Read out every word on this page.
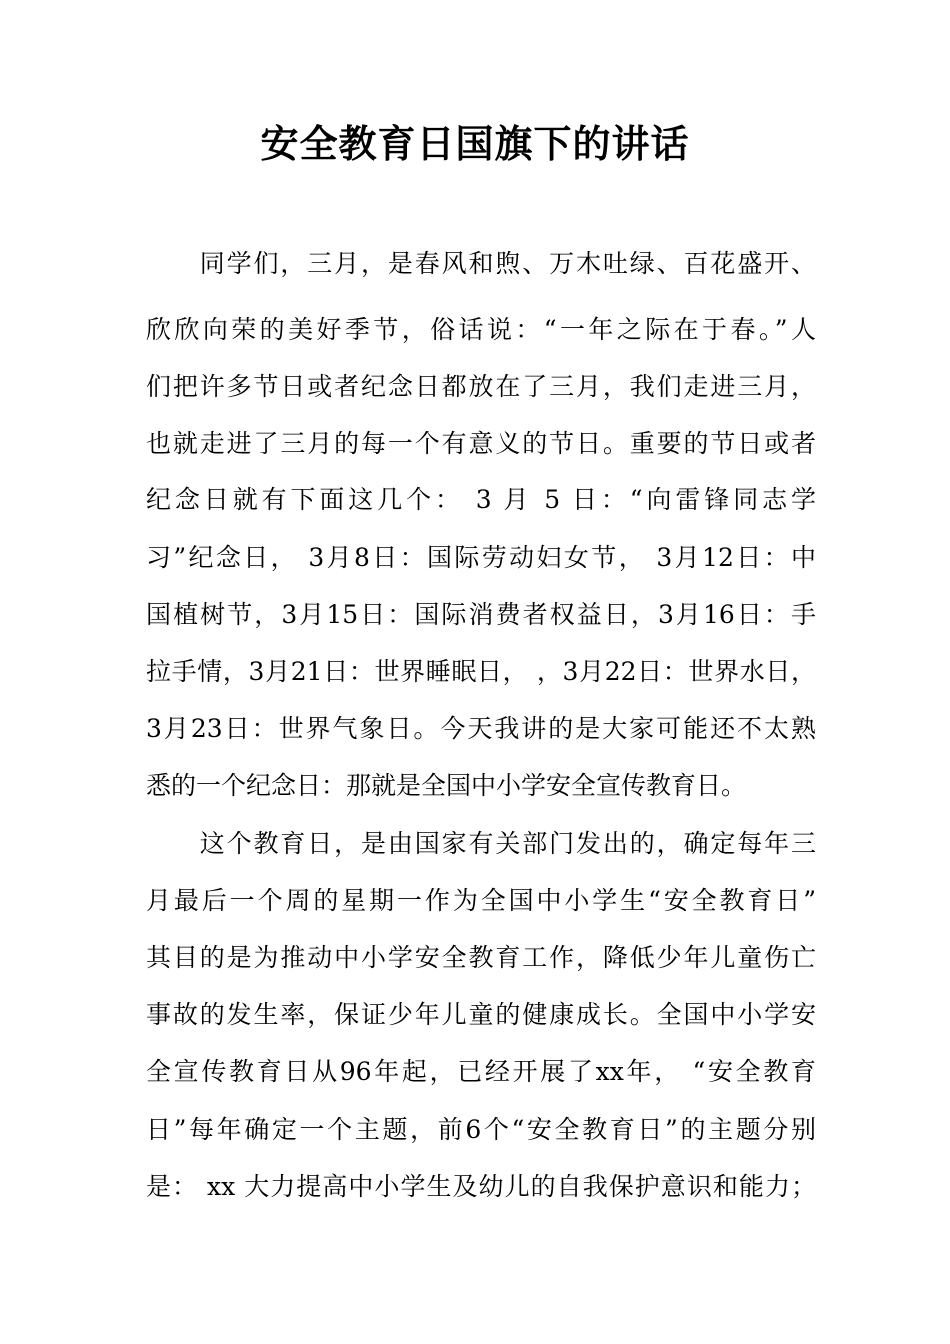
安全教育日国旗下的讲话
　　同学们，三月，是春风和煦、万木吐绿、百花盛开、
欣欣向荣的美好季节，俗话说：“一年之际在于春。”人
们把许多节日或者纪念日都放在了三月，我们走进三月，
也就走进了三月的每一个有意义的节日。重要的节日或者
纪念日就有下面这几个： 3 月 5 日：“向雷锋同志学
习”纪念日， 3月8日：国际劳动妇女节， 3月12日：中
国植树节，3月15日：国际消费者权益日，3月16日：手
拉手情，3月21日：世界睡眠日， ，3月22日：世界水日，
3月23日：世界气象日。今天我讲的是大家可能还不太熟
悉的一个纪念日：那就是全国中小学安全宣传教育日。
　　这个教育日，是由国家有关部门发出的，确定每年三
月最后一个周的星期一作为全国中小学生“安全教育日”
其目的是为推动中小学安全教育工作，降低少年儿童伤亡
事故的发生率，保证少年儿童的健康成长。全国中小学安
全宣传教育日从96年起，已经开展了xx年， “安全教育
日”每年确定一个主题，前6个“安全教育日”的主题分别
是： xx 大力提高中小学生及幼儿的自我保护意识和能力；
